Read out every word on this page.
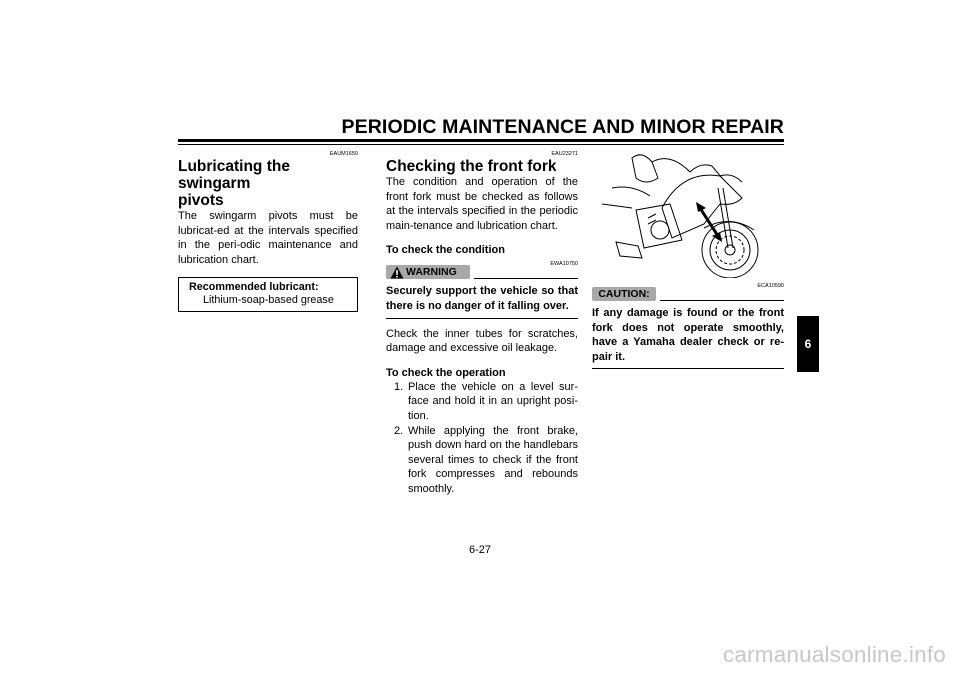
PERIODIC MAINTENANCE AND MINOR REPAIR
EAUM1650
Lubricating the swingarm
pivots

The swingarm pivots must be lubricat-ed at the intervals specified in the peri-odic maintenance and lubrication chart.

Recommended lubricant:
Lithium-soap-based grease
EAU23271
Checking the front fork

The condition and operation of the front fork must be checked as follows at the intervals specified in the periodic main-tenance and lubrication chart.

To check the condition
WARNING
EWA10750
Securely support the vehicle so that there is no danger of it falling over.

Check the inner tubes for scratches, damage and excessive oil leakage.

To check the operation
1. Place the vehicle on a level sur-face and hold it in an upright posi-tion.
2. While applying the front brake, push down hard on the handlebars several times to check if the front fork compresses and rebounds smoothly.
CAUTION:
ECA10590
If any damage is found or the front fork does not operate smoothly, have a Yamaha dealer check or re-pair it.
6
6-27
carmanualsonline.info
